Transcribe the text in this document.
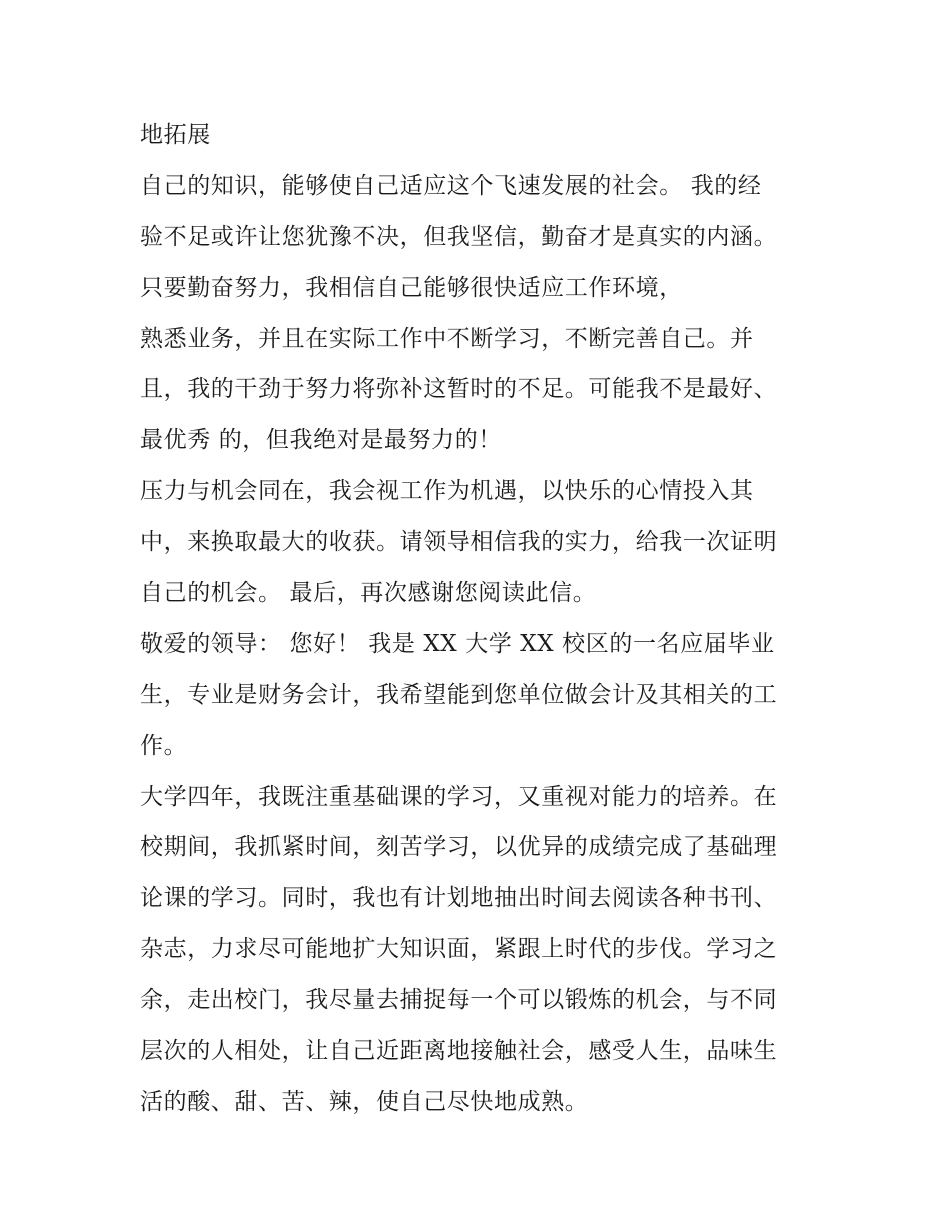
地拓展
自己的知识，能够使自己适应这个飞速发展的社会。 我的经
验不足或许让您犹豫不决，但我坚信，勤奋才是真实的内涵。
只要勤奋努力，我相信自己能够很快适应工作环境，
熟悉业务，并且在实际工作中不断学习，不断完善自己。并
且，我的干劲于努力将弥补这暂时的不足。可能我不是最好、
最优秀 的，但我绝对是最努力的！
压力与机会同在，我会视工作为机遇，以快乐的心情投入其
中，来换取最大的收获。请领导相信我的实力，给我一次证明
自己的机会。 最后，再次感谢您阅读此信。
敬爱的领导： 您好！ 我是 XX 大学 XX 校区的一名应届毕业
生，专业是财务会计，我希望能到您单位做会计及其相关的工
作。
大学四年，我既注重基础课的学习，又重视对能力的培养。在
校期间，我抓紧时间，刻苦学习，以优异的成绩完成了基础理
论课的学习。同时，我也有计划地抽出时间去阅读各种书刊、
杂志，力求尽可能地扩大知识面，紧跟上时代的步伐。学习之
余，走出校门，我尽量去捕捉每一个可以锻炼的机会，与不同
层次的人相处，让自己近距离地接触社会，感受人生，品味生
活的酸、甜、苦、辣，使自己尽快地成熟。
